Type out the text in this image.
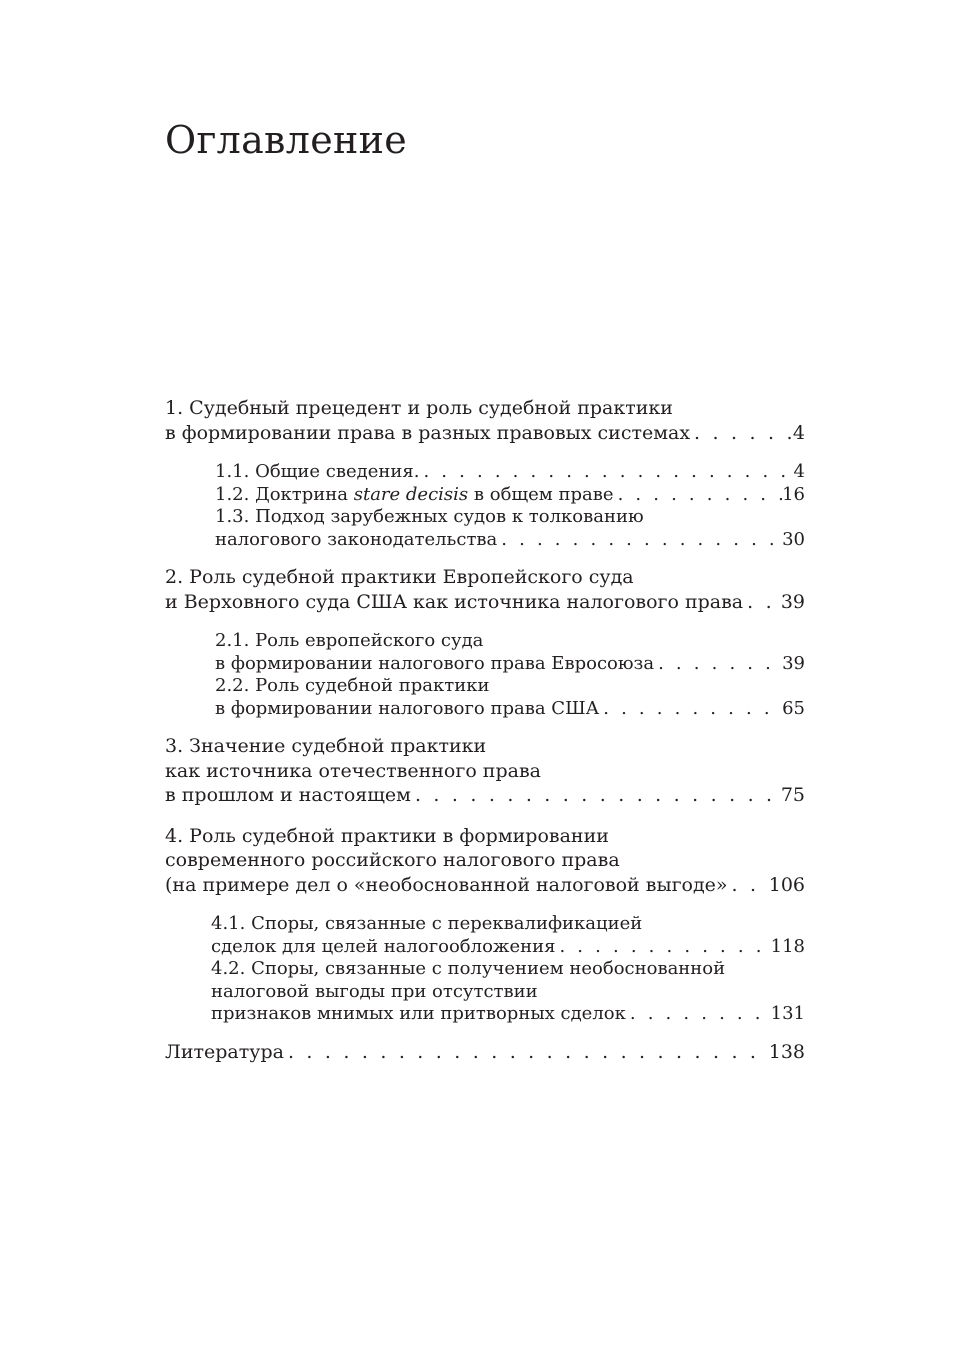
Оглавление
1. Судебный прецедент и роль судебной практики
в формировании права в разных правовых системах . . .	4
1.1. Общие сведения. . . .	4
1.2. Доктрина stare decisis в общем праве . . .	16
1.3. Подход зарубежных судов к толкованию
налогового законодательства . . .	30
2. Роль судебной практики Европейского суда
и Верховного суда США как источника налогового права . . . 39
2.1. Роль европейского суда
в формировании налогового права Евросоюза . . .	39
2.2. Роль судебной практики
в формировании налогового права США . . .	65
3. Значение судебной практики
как источника отечественного права
в прошлом и настоящем . . .	75
4. Роль судебной практики в формировании
современного российского налогового права
(на примере дел о «необоснованной налоговой выгоде» . . . 106
4.1. Споры, связанные с переквалификацией
сделок для целей налогообложения . . .	118
4.2. Споры, связанные с получением необоснованной
налоговой выгоды при отсутствии
признаков мнимых или притворных сделок . . .	131
Литература . . .	138
